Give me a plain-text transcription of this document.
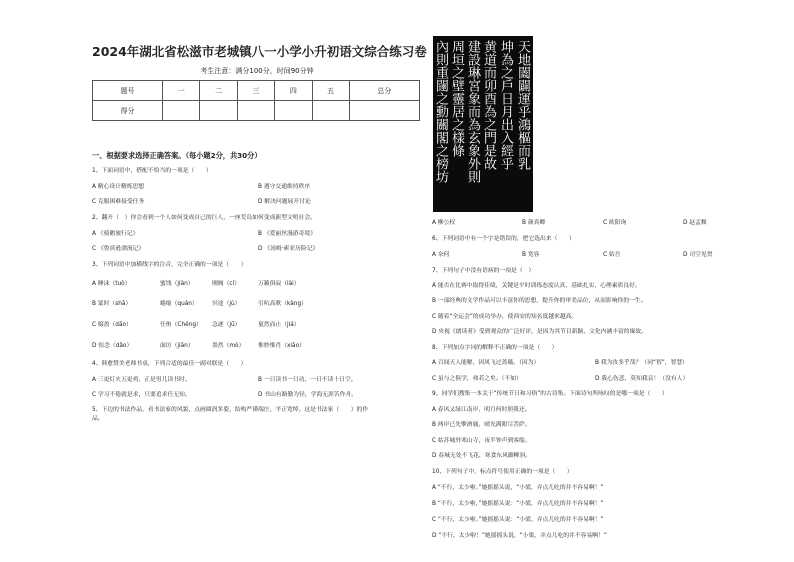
2024年湖北省松滋市老城镇八一小学小升初语文综合练习卷
考生注意：满分100分，时间90分钟
题号	一	二	三	四	五	总分
得分						
一、根据要求选择正确答案。（每小题2分，共30分）
1、下面词语中，搭配不恰当的一项是（　　）
A 精心设计精炼思想	B 遵守交通维持秩序
C 克服困难接受任务	D 解决问题展开讨论
2、翻开（　）你会看到一个人如何变成自己的巨人，一座荒岛如何变成新型文明社会。
A 《骑鹅旅行记》	B 《爱丽丝漫游奇境》
C 《鲁滨逊漂流记》	D 《汤姆·索亚历险记》
3、下列词语中加横线字的注音，完全正确的一项是（　　）
A 睡沫（tuò）	蜜饯（jiàn）	刚阀（cí）	万籁俱寂（lài）
B 蒙时（shā）	蜷缩（quán） 冥途（jù）	引吭高歌（kàng）
C 啜盈（dāo）	任侑（Chéng） 急逐（jū）	戛然而止（jiá）
D 惊念（dǎo）	面厉（jiān）	墨然（mò） 惟妙惟肖（xiāo）
4、韩愈赞美老师书桌，下列合适的最佳一副对联是（　　）
A 三更灯火五更鸡，正是男儿读书时。	B 一日读书一日功，一日不读十日空。
C 学习不倦就是求，只要追求任无知。	D 书山有路勤为径，学海无涯苦作舟。
5、下边的书法作品，看书法家的风貌，点画圆润多姿，结构严谨端庄，平正宽绰。这是书法家（　　）的作
品。
天地闔闢運乎鴻樞而乳
坤為之戶日月出入經乎
黄道而卯酉為之門是故
建設琳宮象而為玄象外則
周垣之壁靈居之樣條
內則重闥之勳關閣之榜坊
A 柳公权	B 颜真卿	C 欧阳询	D 赵孟頫
6、下列词语中有一个字是错误的，把它选出来（　　）
A 奈何	B 宽容	C 姑吾	D 司空见贯
7、下列句子中没有语病的一项是（　）
A 能否在比赛中取得佳绩，关键是平时训练态度认真，基础扎实，心理素质良好。
B 一部经典的文学作品可以丰富你的思想，提升你的审美品位，从而影响你的一生。
C 随着“全运会”的成功举办，使西安的知名度越来越高。
D 央视《朗读者》受到观众的广泛好评，是因为其节目新颖、文化内涵丰富的缘故。
8、下列加点字词的解释不正确的一项是（　　）
A 百闻天人能解，因风飞过蔷薇。（因为）	B 我为汝多乎哉？（同“智”，智慧）
C 虽与之俱学，弗若之矣。（不如）	D 我心伤悲，莫知我哀！（没有人）
9、同学们搜集一本关于“传统节日和习俗”的古诗集。下面诗句所咏叹的是哪一项是（　　）
A 春风又绿江南岸，明月何时照我还。
B 两岸已先擎酒鹿，晴光满眼尽菩萨。
C 姑苏城外寒山寺，夜半钟声到客船。
D 春城无处不飞花，寒食东风御柳斜。
10、下列句子中，标点符号使用正确的一项是（　　）
A “不行，太少啦。”她摇摇头说，“小梁，弄点儿吃的并不容易啊！”
B “不行，太少啦，”她摇摇头说：“小梁，弄点儿吃的并不容易啊！”
C “不行，太少啦。”她摇摇头说：“小梁，弄点儿吃的并不容易啊！”
D “不行，太少啦！”她摇摇头说，“小梁，弄点儿吃的并不容易啊！”
